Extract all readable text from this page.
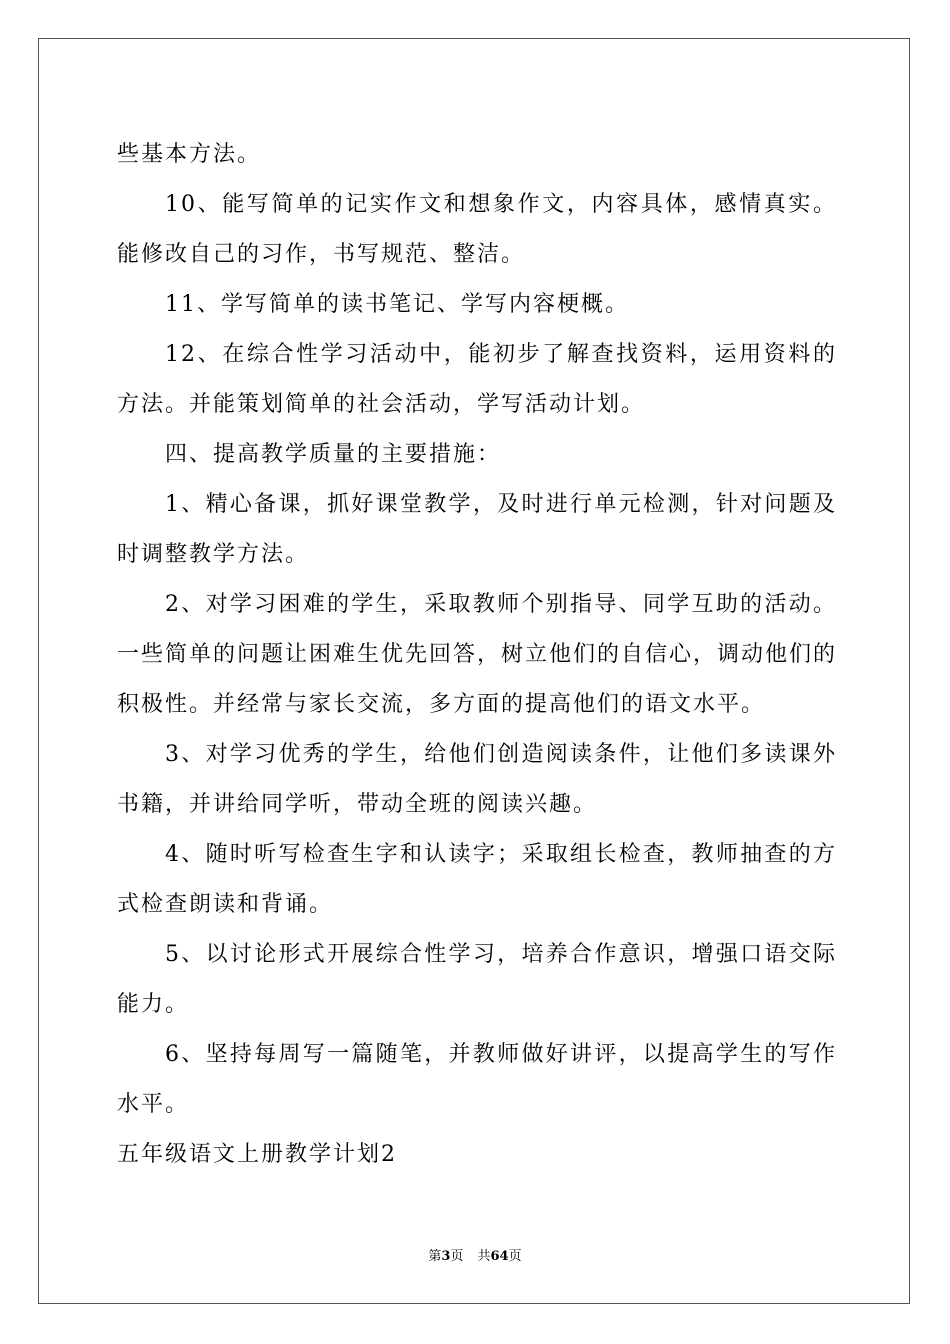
些基本方法。

10、能写简单的记实作文和想象作文，内容具体，感情真实。能修改自己的习作，书写规范、整洁。

11、学写简单的读书笔记、学写内容梗概。

12、在综合性学习活动中，能初步了解查找资料，运用资料的方法。并能策划简单的社会活动，学写活动计划。

四、提高教学质量的主要措施：

1、精心备课，抓好课堂教学，及时进行单元检测，针对问题及时调整教学方法。

2、对学习困难的学生，采取教师个别指导、同学互助的活动。一些简单的问题让困难生优先回答，树立他们的自信心，调动他们的积极性。并经常与家长交流，多方面的提高他们的语文水平。

3、对学习优秀的学生，给他们创造阅读条件，让他们多读课外书籍，并讲给同学听，带动全班的阅读兴趣。

4、随时听写检查生字和认读字；采取组长检查，教师抽查的方式检查朗读和背诵。

5、以讨论形式开展综合性学习，培养合作意识，增强口语交际能力。

6、坚持每周写一篇随笔，并教师做好讲评，以提高学生的写作水平。

五年级语文上册教学计划2

第3页 共64页
